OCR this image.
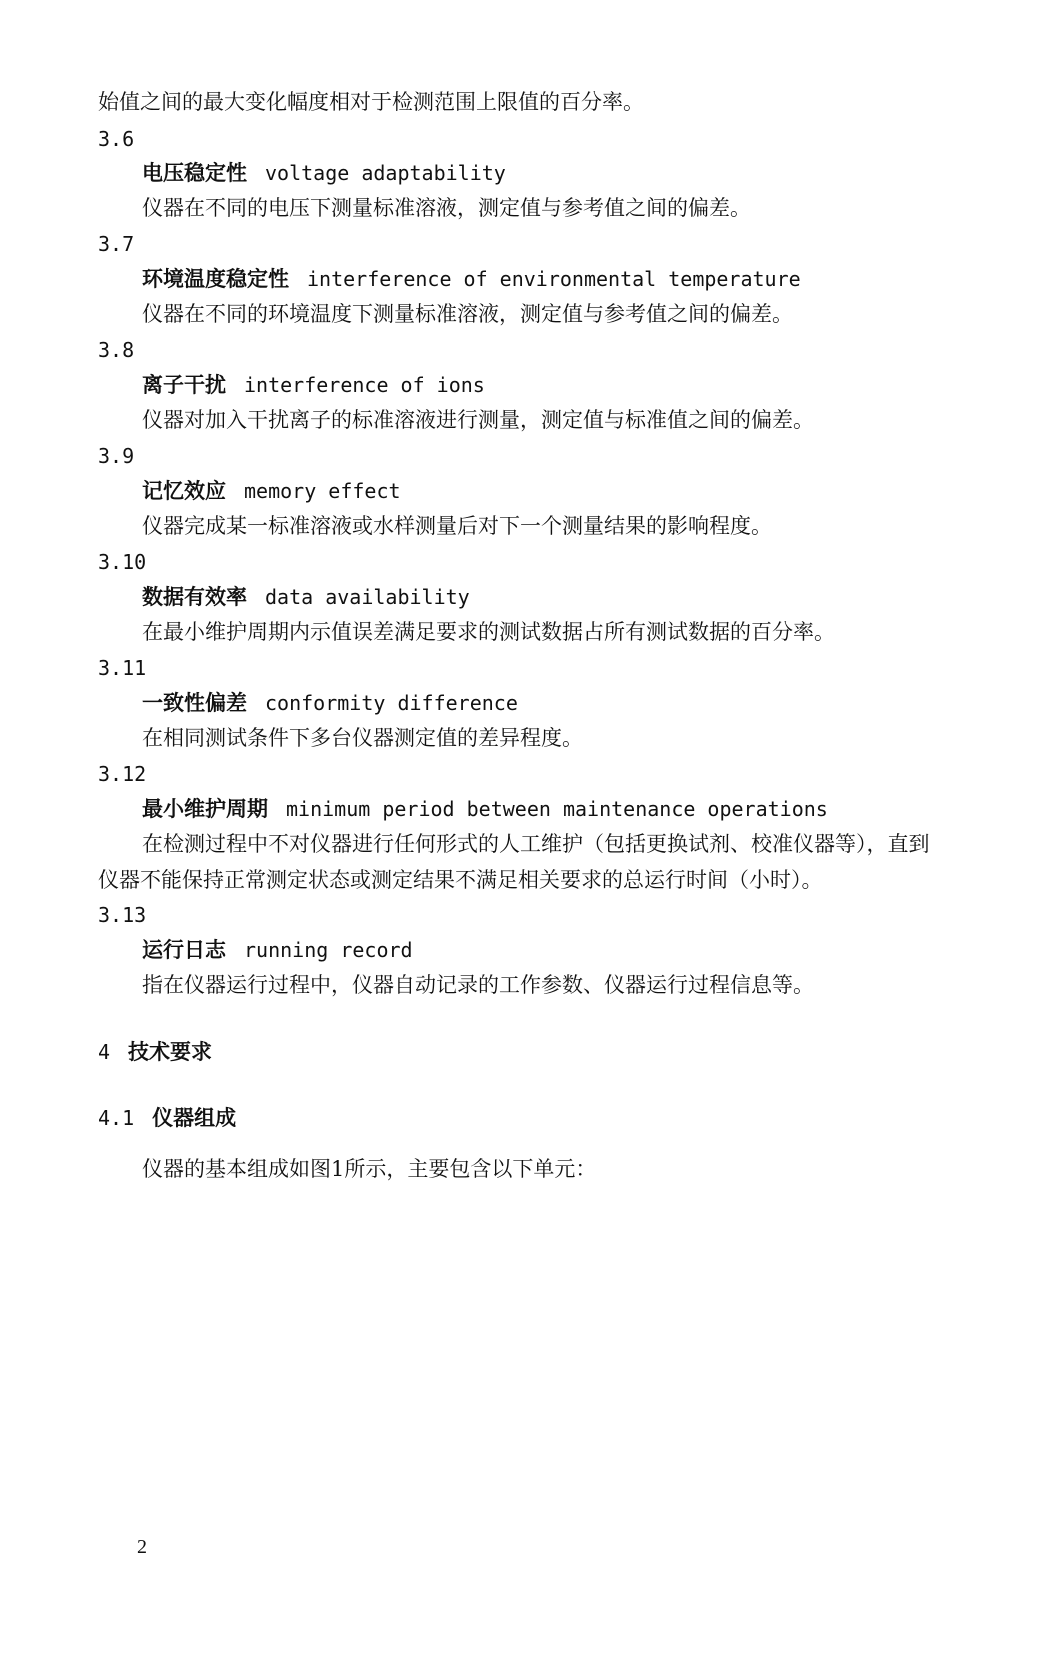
始值之间的最大变化幅度相对于检测范围上限值的百分率。
3.6
电压稳定性 voltage adaptability
仪器在不同的电压下测量标准溶液，测定值与参考值之间的偏差。
3.7
环境温度稳定性 interference of environmental temperature
仪器在不同的环境温度下测量标准溶液，测定值与参考值之间的偏差。
3.8
离子干扰 interference of ions
仪器对加入干扰离子的标准溶液进行测量，测定值与标准值之间的偏差。
3.9
记忆效应 memory effect
仪器完成某一标准溶液或水样测量后对下一个测量结果的影响程度。
3.10
数据有效率 data availability
在最小维护周期内示值误差满足要求的测试数据占所有测试数据的百分率。
3.11
一致性偏差 conformity difference
在相同测试条件下多台仪器测定值的差异程度。
3.12
最小维护周期 minimum period between maintenance operations
在检测过程中不对仪器进行任何形式的人工维护（包括更换试剂、校准仪器等），直到
仪器不能保持正常测定状态或测定结果不满足相关要求的总运行时间（小时）。
3.13
运行日志 running record
指在仪器运行过程中，仪器自动记录的工作参数、仪器运行过程信息等。
4 技术要求
4.1 仪器组成
仪器的基本组成如图1所示，主要包含以下单元：
2
